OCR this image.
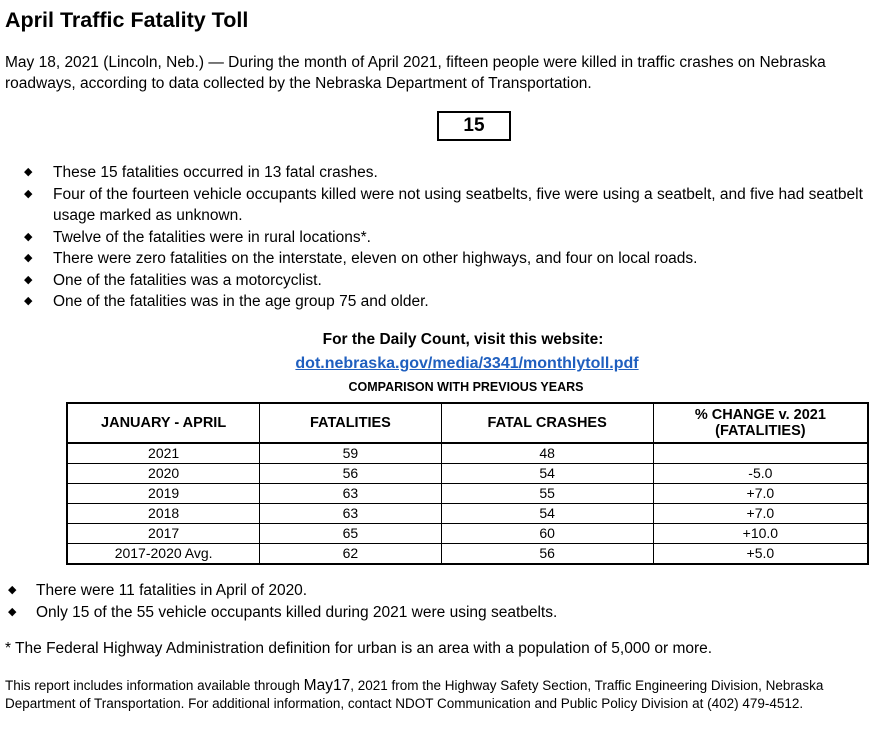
April Traffic Fatality Toll

May 18, 2021 (Lincoln, Neb.) — During the month of April 2021, fifteen people were killed in traffic crashes on Nebraska roadways, according to data collected by the Nebraska Department of Transportation.

15
◆ These 15 fatalities occurred in 13 fatal crashes.
◆ Four of the fourteen vehicle occupants killed were not using seatbelts, five were using a seatbelt, and five had seatbelt usage marked as unknown.
◆ Twelve of the fatalities were in rural locations*.
◆ There were zero fatalities on the interstate, eleven on other highways, and four on local roads.
◆ One of the fatalities was a motorcyclist.
◆ One of the fatalities was in the age group 75 and older.
For the Daily Count, visit this website:
dot.nebraska.gov/media/3341/monthlytoll.pdf
COMPARISON WITH PREVIOUS YEARS
JANUARY - APRIL	FATALITIES	FATAL CRASHES	% CHANGE v. 2021
(FATALITIES)
2021	59	48	
2020	56	54	-5.0
2019	63	55	+7.0
2018	63	54	+7.0
2017	65	60	+10.0
2017-2020 Avg.	62	56	+5.0
◆ There were 11 fatalities in April of 2020.
◆ Only 15 of the 55 vehicle occupants killed during 2021 were using seatbelts.
* The Federal Highway Administration definition for urban is an area with a population of 5,000 or more.
This report includes information available through May17, 2021 from the Highway Safety Section, Traffic Engineering Division, Nebraska Department of Transportation. For additional information, contact NDOT Communication and Public Policy Division at (402) 479-4512.
